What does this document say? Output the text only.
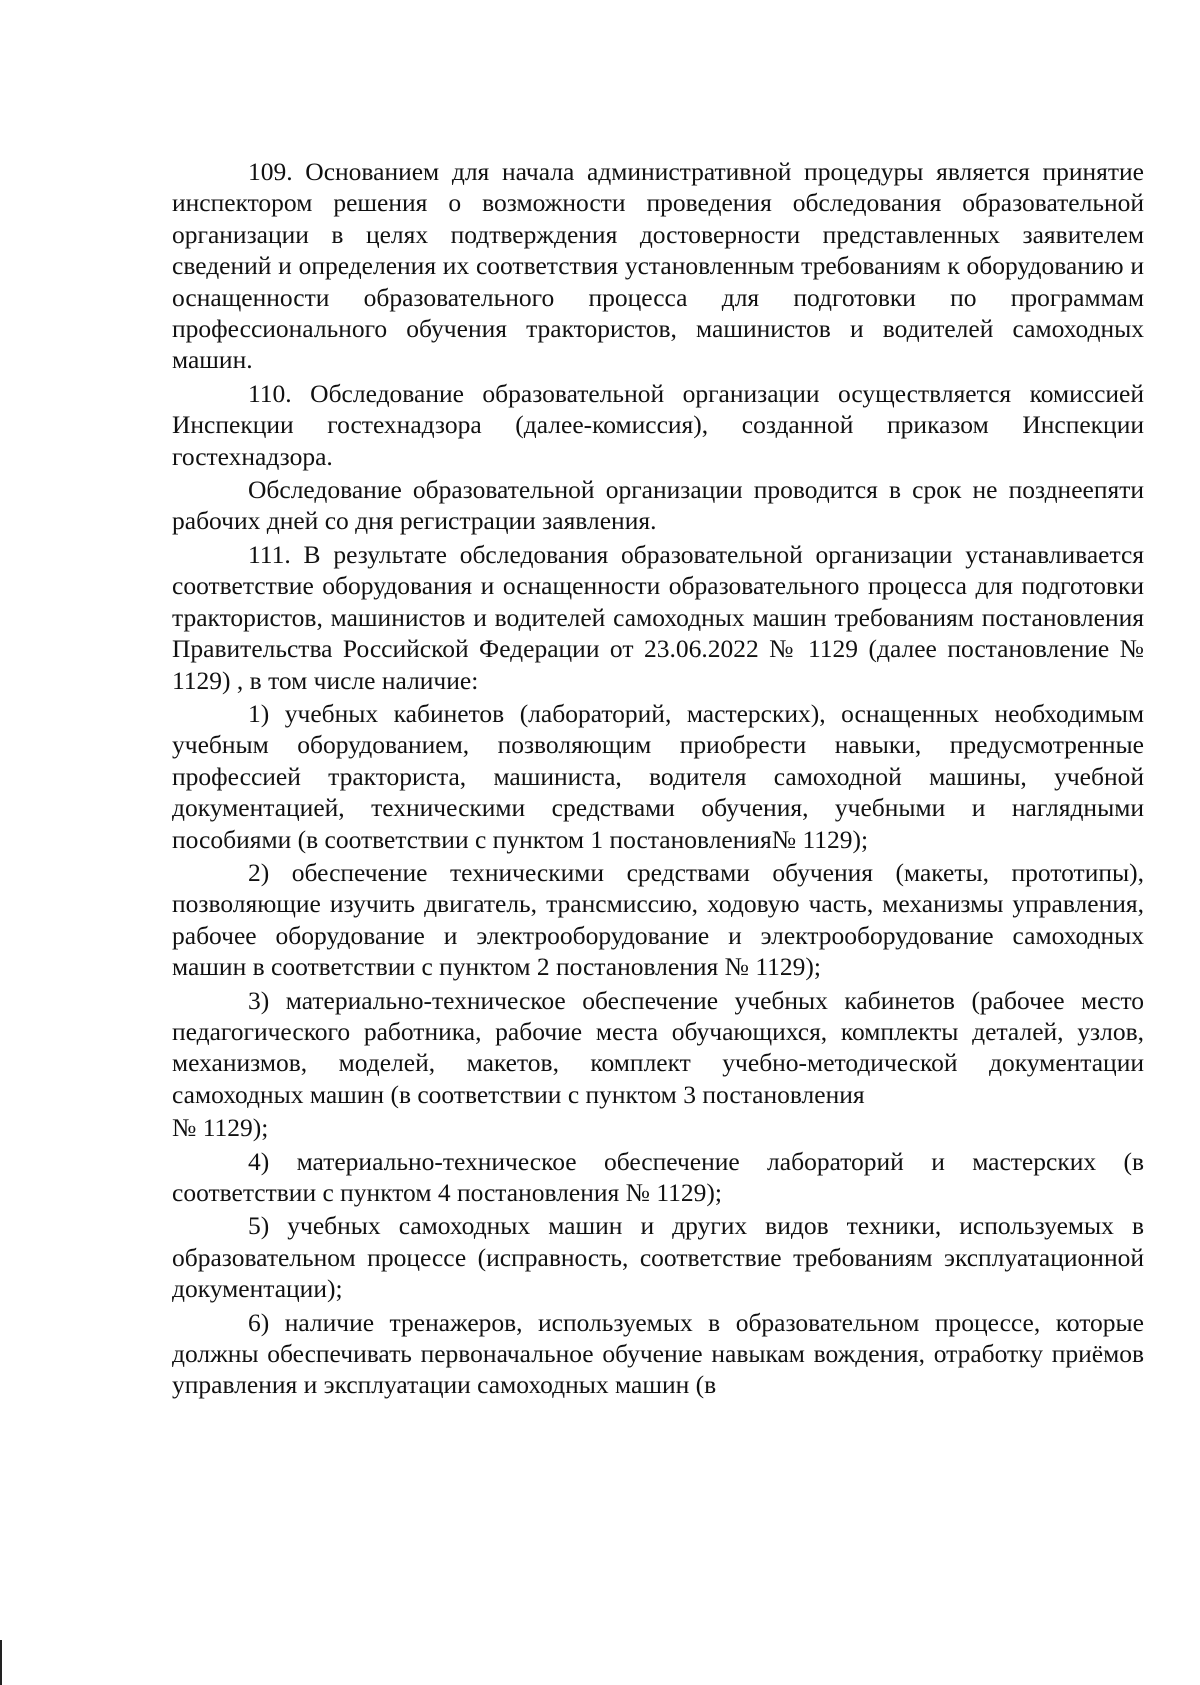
109. Основанием для начала административной процедуры является принятие инспектором решения о возможности проведения обследования образовательной организации в целях подтверждения достоверности представленных заявителем сведений и определения их соответствия установленным требованиям к оборудованию и оснащенности образовательного процесса для подготовки по программам профессионального обучения трактористов, машинистов и водителей самоходных машин.

110. Обследование образовательной организации осуществляется комиссией Инспекции гостехнадзора (далее-комиссия), созданной приказом Инспекции гостехнадзора.

Обследование образовательной организации проводится в срок не позднеепяти рабочих дней со дня регистрации заявления.

111. В результате обследования образовательной организации устанавливается соответствие оборудования и оснащенности образовательного процесса для подготовки трактористов, машинистов и водителей самоходных машин требованиям постановления Правительства Российской Федерации от 23.06.2022 № 1129 (далее постановление № 1129) , в том числе наличие:

1) учебных кабинетов (лабораторий, мастерских), оснащенных необходимым учебным оборудованием, позволяющим приобрести навыки, предусмотренные профессией тракториста, машиниста, водителя самоходной машины, учебной документацией, техническими средствами обучения, учебными и наглядными пособиями (в соответствии с пунктом 1 постановления№ 1129);

2) обеспечение техническими средствами обучения (макеты, прототипы), позволяющие изучить двигатель, трансмиссию, ходовую часть, механизмы управления, рабочее оборудование и электрооборудование и электрооборудование самоходных машин в соответствии с пунктом 2 постановления № 1129);

3) материально-техническое обеспечение учебных кабинетов (рабочее место педагогического работника, рабочие места обучающихся, комплекты деталей, узлов, механизмов, моделей, макетов, комплект учебно-методической документации самоходных машин (в соответствии с пунктом 3 постановления

№ 1129);

4) материально-техническое обеспечение лабораторий и мастерских (в соответствии с пунктом 4 постановления № 1129);

5) учебных самоходных машин и других видов техники, используемых в образовательном процессе (исправность, соответствие требованиям эксплуатационной документации);

6) наличие тренажеров, используемых в образовательном процессе, которые должны обеспечивать первоначальное обучение навыкам вождения, отработку приёмов управления и эксплуатации самоходных машин (в
